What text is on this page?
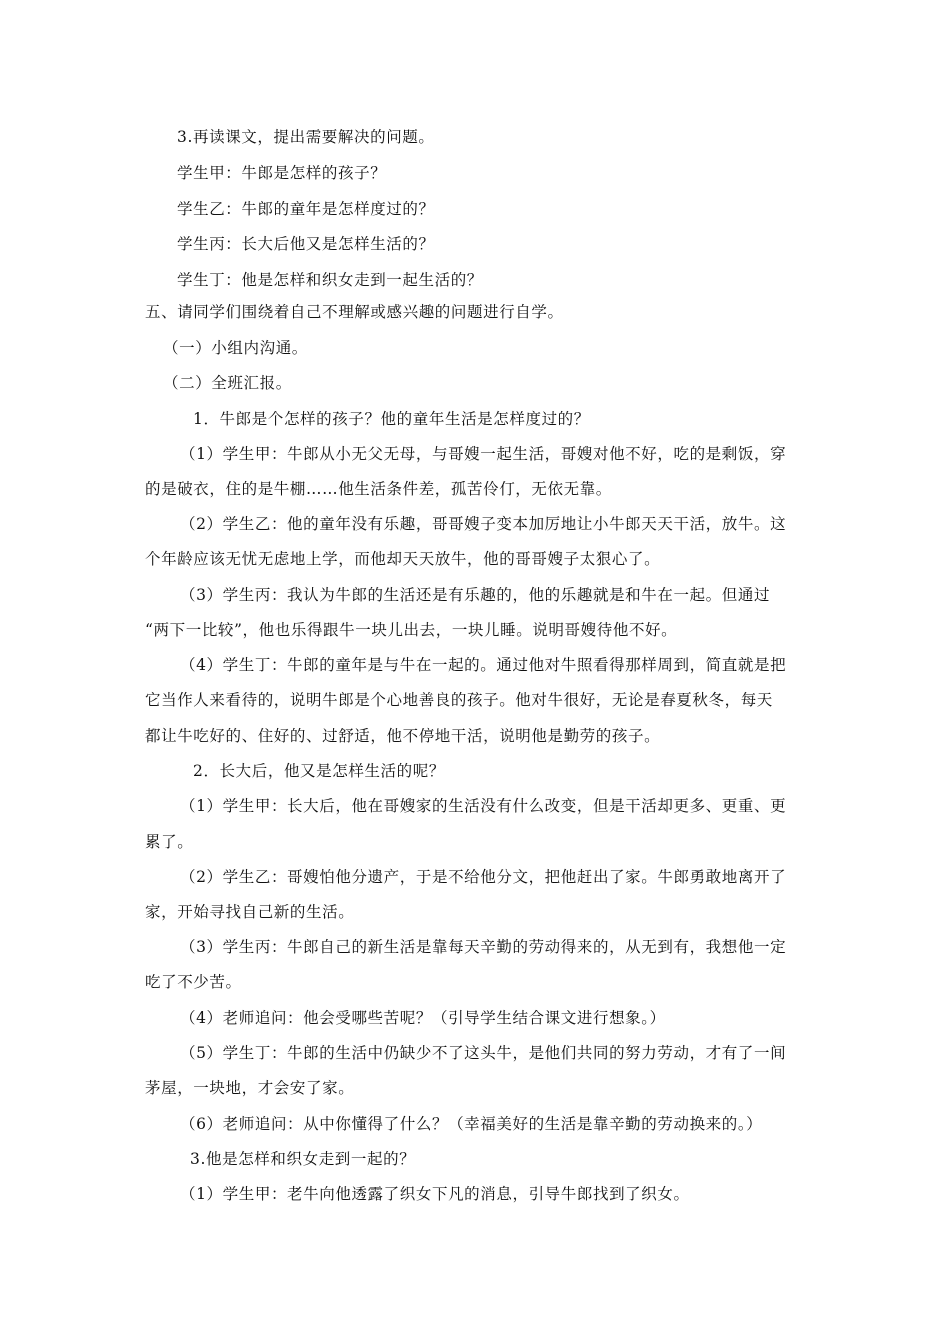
3.再读课文，提出需要解决的问题。
学生甲：牛郎是怎样的孩子？
学生乙：牛郎的童年是怎样度过的？
学生丙：长大后他又是怎样生活的？
学生丁：他是怎样和织女走到一起生活的？
五、请同学们围绕着自己不理解或感兴趣的问题进行自学。
（一）小组内沟通。
（二）全班汇报。
1．牛郎是个怎样的孩子？他的童年生活是怎样度过的？
（1）学生甲：牛郎从小无父无母，与哥嫂一起生活，哥嫂对他不好，吃的是剩饭，穿
的是破衣，住的是牛棚……他生活条件差，孤苦伶仃，无依无靠。
（2）学生乙：他的童年没有乐趣，哥哥嫂子变本加厉地让小牛郎天天干活，放牛。这
个年龄应该无忧无虑地上学，而他却天天放牛，他的哥哥嫂子太狠心了。
（3）学生丙：我认为牛郎的生活还是有乐趣的，他的乐趣就是和牛在一起。但通过
“两下一比较”，他也乐得跟牛一块儿出去，一块儿睡。说明哥嫂待他不好。
（4）学生丁：牛郎的童年是与牛在一起的。通过他对牛照看得那样周到，简直就是把
它当作人来看待的，说明牛郎是个心地善良的孩子。他对牛很好，无论是春夏秋冬，每天
都让牛吃好的、住好的、过舒适，他不停地干活，说明他是勤劳的孩子。
2．长大后，他又是怎样生活的呢？
（1）学生甲：长大后，他在哥嫂家的生活没有什么改变，但是干活却更多、更重、更
累了。
（2）学生乙：哥嫂怕他分遗产，于是不给他分文，把他赶出了家。牛郎勇敢地离开了
家，开始寻找自己新的生活。
（3）学生丙：牛郎自己的新生活是靠每天辛勤的劳动得来的，从无到有，我想他一定
吃了不少苦。
（4）老师追问：他会受哪些苦呢？（引导学生结合课文进行想象。）
（5）学生丁：牛郎的生活中仍缺少不了这头牛，是他们共同的努力劳动，才有了一间
茅屋，一块地，才会安了家。
（6）老师追问：从中你懂得了什么？（幸福美好的生活是靠辛勤的劳动换来的。）
3.他是怎样和织女走到一起的？
（1）学生甲：老牛向他透露了织女下凡的消息，引导牛郎找到了织女。
